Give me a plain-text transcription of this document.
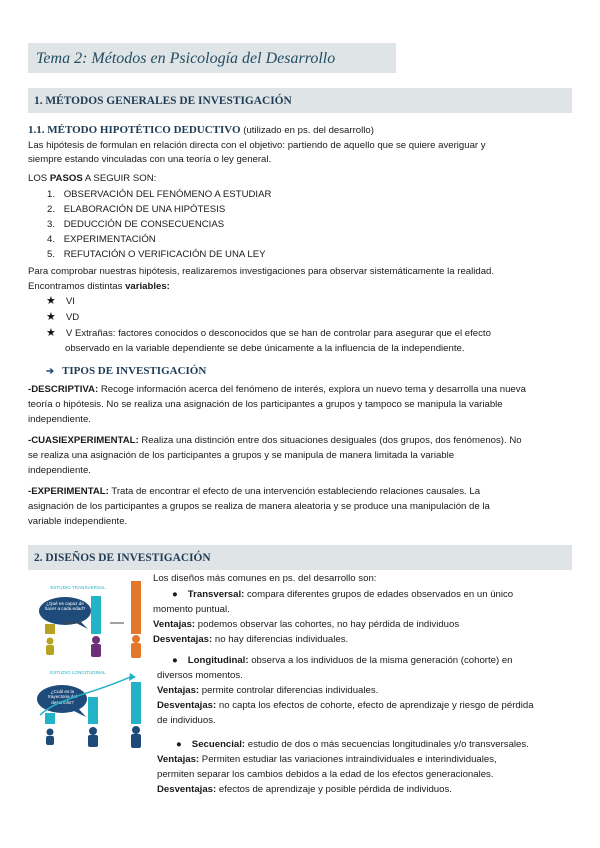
Tema 2: Métodos en Psicología del Desarrollo
1. MÉTODOS GENERALES DE INVESTIGACIÓN
1.1. MÉTODO HIPOTÉTICO DEDUCTIVO (utilizado en ps. del desarrollo)
Las hipótesis de formulan en relación directa con el objetivo: partiendo de aquello que se quiere averiguar y
siempre estando vinculadas con una teoría o ley general.
LOS PASOS A SEGUIR SON:
1. OBSERVACIÓN DEL FENÓMENO A ESTUDIAR
2. ELABORACIÓN DE UNA HIPÓTESIS
3. DEDUCCIÓN DE CONSECUENCIAS
4. EXPERIMENTACIÓN
5. REFUTACIÓN O VERIFICACIÓN DE UNA LEY
Para comprobar nuestras hipótesis, realizaremos investigaciones para observar sistemáticamente la realidad.
Encontramos distintas variables:
★ VI
★ VD
★ V Extrañas: factores conocidos o desconocidos que se han de controlar para asegurar que el efecto
observado en la variable dependiente se debe únicamente a la influencia de la independiente.
➔ TIPOS DE INVESTIGACIÓN
-DESCRIPTIVA: Recoge información acerca del fenómeno de interés, explora un nuevo tema y desarrolla una nueva
teoría o hipótesis. No se realiza una asignación de los participantes a grupos y tampoco se manipula la variable
independiente.
-CUASIEXPERIMENTAL: Realiza una distinción entre dos situaciones desiguales (dos grupos, dos fenómenos). No
se realiza una asignación de los participantes a grupos y se manipula de manera limitada la variable
independiente.
-EXPERIMENTAL: Trata de encontrar el efecto de una intervención estableciendo relaciones causales. La
asignación de los participantes a grupos se realiza de manera aleatoria y se produce una manipulación de la
variable independiente.
2. DISEÑOS DE INVESTIGACIÓN
ESTUDIO TRANSVERSAL
¿Qué es capaz de hacer a cada edad?
ESTUDIO LONGITUDINAL
¿Cuál es la trayectoria del desarrollo?
Los diseños más comunes en ps. del desarrollo son:
● Transversal: compara diferentes grupos de edades observados en un único
momento puntual.
Ventajas: podemos observar las cohortes, no hay pérdida de individuos
Desventajas: no hay diferencias individuales.
● Longitudinal: observa a los individuos de la misma generación (cohorte) en
diversos momentos.
Ventajas: permite controlar diferencias individuales.
Desventajas: no capta los efectos de cohorte, efecto de aprendizaje y riesgo de pérdida
de individuos.
● Secuencial: estudio de dos o más secuencias longitudinales y/o transversales.
Ventajas: Permiten estudiar las variaciones intraindividuales e interindividuales,
permiten separar los cambios debidos a la edad de los efectos generacionales.
Desventajas: efectos de aprendizaje y posible pérdida de individuos.
